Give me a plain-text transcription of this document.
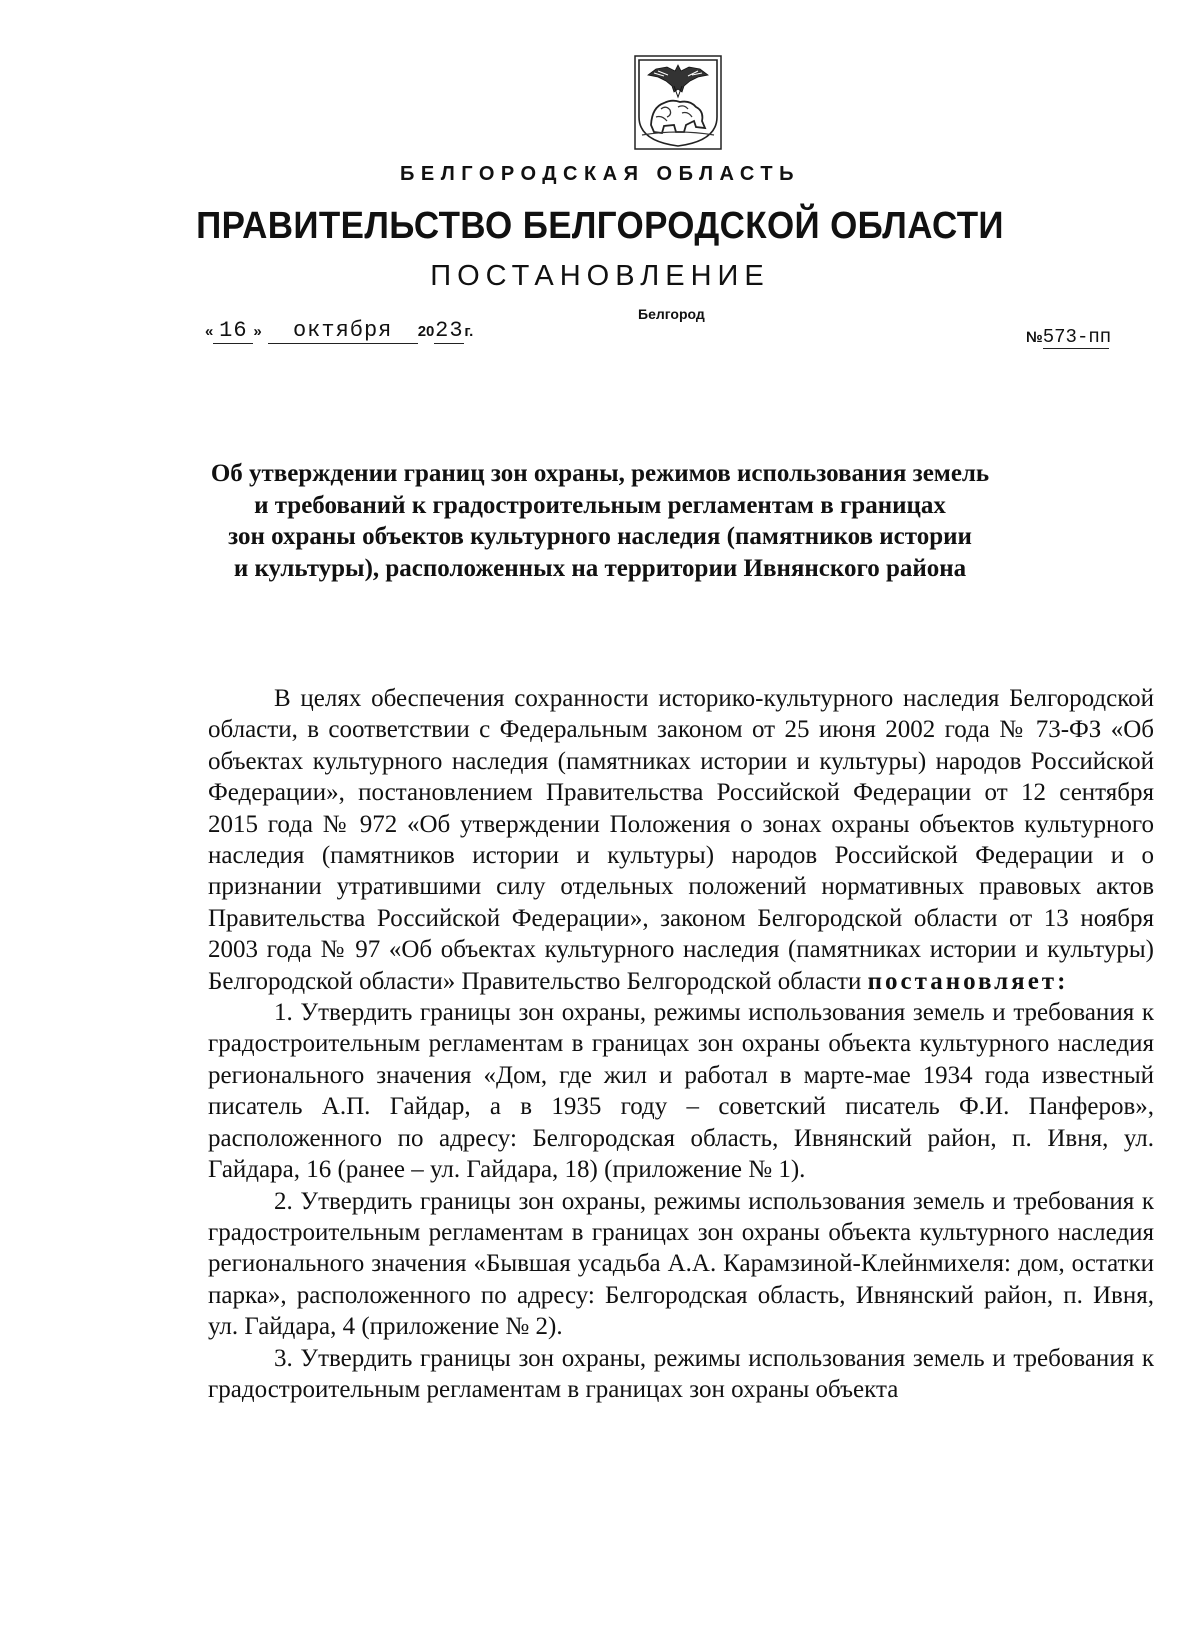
БЕЛГОРОДСКАЯ ОБЛАСТЬ
ПРАВИТЕЛЬСТВО БЕЛГОРОДСКОЙ ОБЛАСТИ
ПОСТАНОВЛЕНИЕ
Белгород
« 16 » октября 2023г.	№573-пп
Об утверждении границ зон охраны, режимов использования земель
и требований к градостроительным регламентам в границах
зон охраны объектов культурного наследия (памятников истории
и культуры), расположенных на территории Ивнянского района

В целях обеспечения сохранности историко-культурного наследия Белгородской области, в соответствии с Федеральным законом от 25 июня 2002 года № 73-ФЗ «Об объектах культурного наследия (памятниках истории и культуры) народов Российской Федерации», постановлением Правительства Российской Федерации от 12 сентября 2015 года № 972 «Об утверждении Положения о зонах охраны объектов культурного наследия (памятников истории и культуры) народов Российской Федерации и о признании утратившими силу отдельных положений нормативных правовых актов Правительства Российской Федерации», законом Белгородской области от 13 ноября 2003 года № 97 «Об объектах культурного наследия (памятниках истории и культуры) Белгородской области» Правительство Белгородской области постановляет:

1. Утвердить границы зон охраны, режимы использования земель и требования к градостроительным регламентам в границах зон охраны объекта культурного наследия регионального значения «Дом, где жил и работал в марте-мае 1934 года известный писатель А.П. Гайдар, а в 1935 году – советский писатель Ф.И. Панферов», расположенного по адресу: Белгородская область, Ивнянский район, п. Ивня, ул. Гайдара, 16 (ранее – ул. Гайдара, 18) (приложение № 1).

2. Утвердить границы зон охраны, режимы использования земель и требования к градостроительным регламентам в границах зон охраны объекта культурного наследия регионального значения «Бывшая усадьба А.А. Карамзиной-Клейнмихеля: дом, остатки парка», расположенного по адресу: Белгородская область, Ивнянский район, п. Ивня, ул. Гайдара, 4 (приложение № 2).

3. Утвердить границы зон охраны, режимы использования земель и требования к градостроительным регламентам в границах зон охраны объекта
